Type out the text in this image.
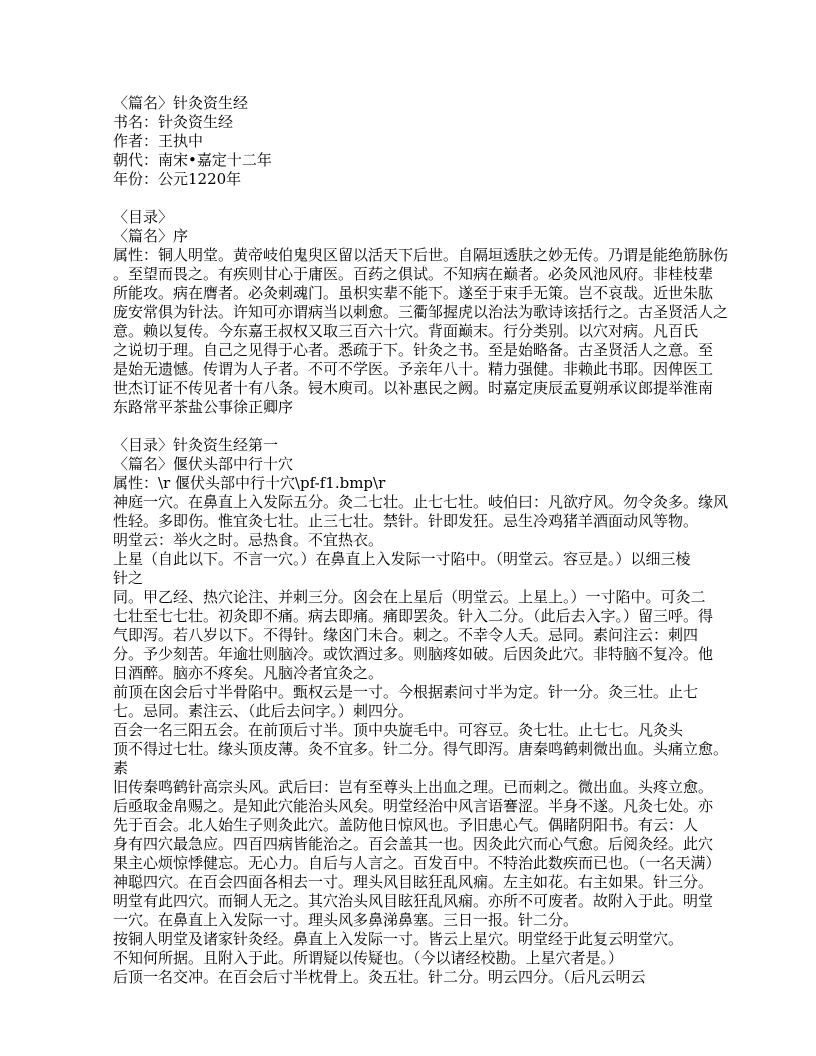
〈篇名〉针灸资生经
书名：针灸资生经
作者：王执中
朝代：南宋•嘉定十二年
年份：公元1220年

〈目录〉
〈篇名〉序
属性：铜人明堂。黄帝岐伯鬼臾区留以活天下后世。自隔垣透肤之妙无传。乃谓是能绝筋脉伤
。至望而畏之。有疾则甘心于庸医。百药之俱试。不知病在巅者。必灸风池风府。非桂枝辈
所能攻。病在膺者。必灸刺魂门。虽枳实辈不能下。遂至于束手无策。岂不哀哉。近世朱肱
庞安常俱为针法。许知可亦谓病当以刺愈。三衢邹握虎以治法为歌诗该括行之。古圣贤活人之
意。赖以复传。今东嘉王叔权又取三百六十穴。背面巅末。行分类别。以穴对病。凡百氏
之说切于理。自己之见得于心者。悉疏于下。针灸之书。至是始略备。古圣贤活人之意。至
是始无遗憾。传谓为人子者。不可不学医。予亲年八十。精力强健。非赖此书耶。因俾医工
世杰订证不传见者十有八条。锓木庾司。以补惠民之阙。时嘉定庚辰孟夏朔承议郎提举淮南
东路常平茶盐公事徐正卿序

〈目录〉针灸资生经第一
〈篇名〉偃伏头部中行十穴
属性：\r 偃伏头部中行十穴\pf-f1.bmp\r
神庭一穴。在鼻直上入发际五分。灸二七壮。止七七壮。岐伯曰：凡欲疗风。勿令灸多。缘风
性轻。多即伤。惟宜灸七壮。止三七壮。禁针。针即发狂。忌生冷鸡猪羊酒面动风等物。
明堂云：举火之时。忌热食。不宜热衣。
上星（自此以下。不言一穴。）在鼻直上入发际一寸陷中。（明堂云。容豆是。）以细三棱
针之
同。甲乙经、热穴论注、并刺三分。囟会在上星后（明堂云。上星上。）一寸陷中。可灸二
七壮至七七壮。初灸即不痛。病去即痛。痛即罢灸。针入二分。（此后去入字。）留三呼。得
气即泻。若八岁以下。不得针。缘囟门未合。刺之。不幸令人夭。忌同。素问注云：刺四
分。予少刻苦。年逾壮则脑冷。或饮酒过多。则脑疼如破。后因灸此穴。非特脑不复冷。他
日酒醉。脑亦不疼矣。凡脑冷者宜灸之。
前顶在囟会后寸半骨陷中。甄权云是一寸。今根据素问寸半为定。针一分。灸三壮。止七
七。忌同。素注云、（此后去问字。）刺四分。
百会一名三阳五会。在前顶后寸半。顶中央旋毛中。可容豆。灸七壮。止七七。凡灸头
顶不得过七壮。缘头顶皮薄。灸不宜多。针二分。得气即泻。唐秦鸣鹤刺微出血。头痛立愈。
素
旧传秦鸣鹤针高宗头风。武后曰：岂有至尊头上出血之理。已而刺之。微出血。头疼立愈。
后亟取金帛赐之。是知此穴能治头风矣。明堂经治中风言语謇涩。半身不遂。凡灸七处。亦
先于百会。北人始生子则灸此穴。盖防他日惊风也。予旧患心气。偶睹阴阳书。有云：人
身有四穴最急应。四百四病皆能治之。百会盖其一也。因灸此穴而心气愈。后阅灸经。此穴
果主心烦惊悸健忘。无心力。自后与人言之。百发百中。不特治此数疾而已也。（一名天满）
神聪四穴。在百会四面各相去一寸。理头风目眩狂乱风痫。左主如花。右主如果。针三分。
明堂有此四穴。而铜人无之。其穴治头风目眩狂乱风痫。亦所不可废者。故附入于此。明堂
一穴。在鼻直上入发际一寸。理头风多鼻涕鼻塞。三日一报。针二分。
按铜人明堂及诸家针灸经。鼻直上入发际一寸。皆云上星穴。明堂经于此复云明堂穴。
不知何所据。且附入于此。所谓疑以传疑也。（今以诸经校勘。上星穴者是。）
后顶一名交冲。在百会后寸半枕骨上。灸五壮。针二分。明云四分。（后凡云明云
